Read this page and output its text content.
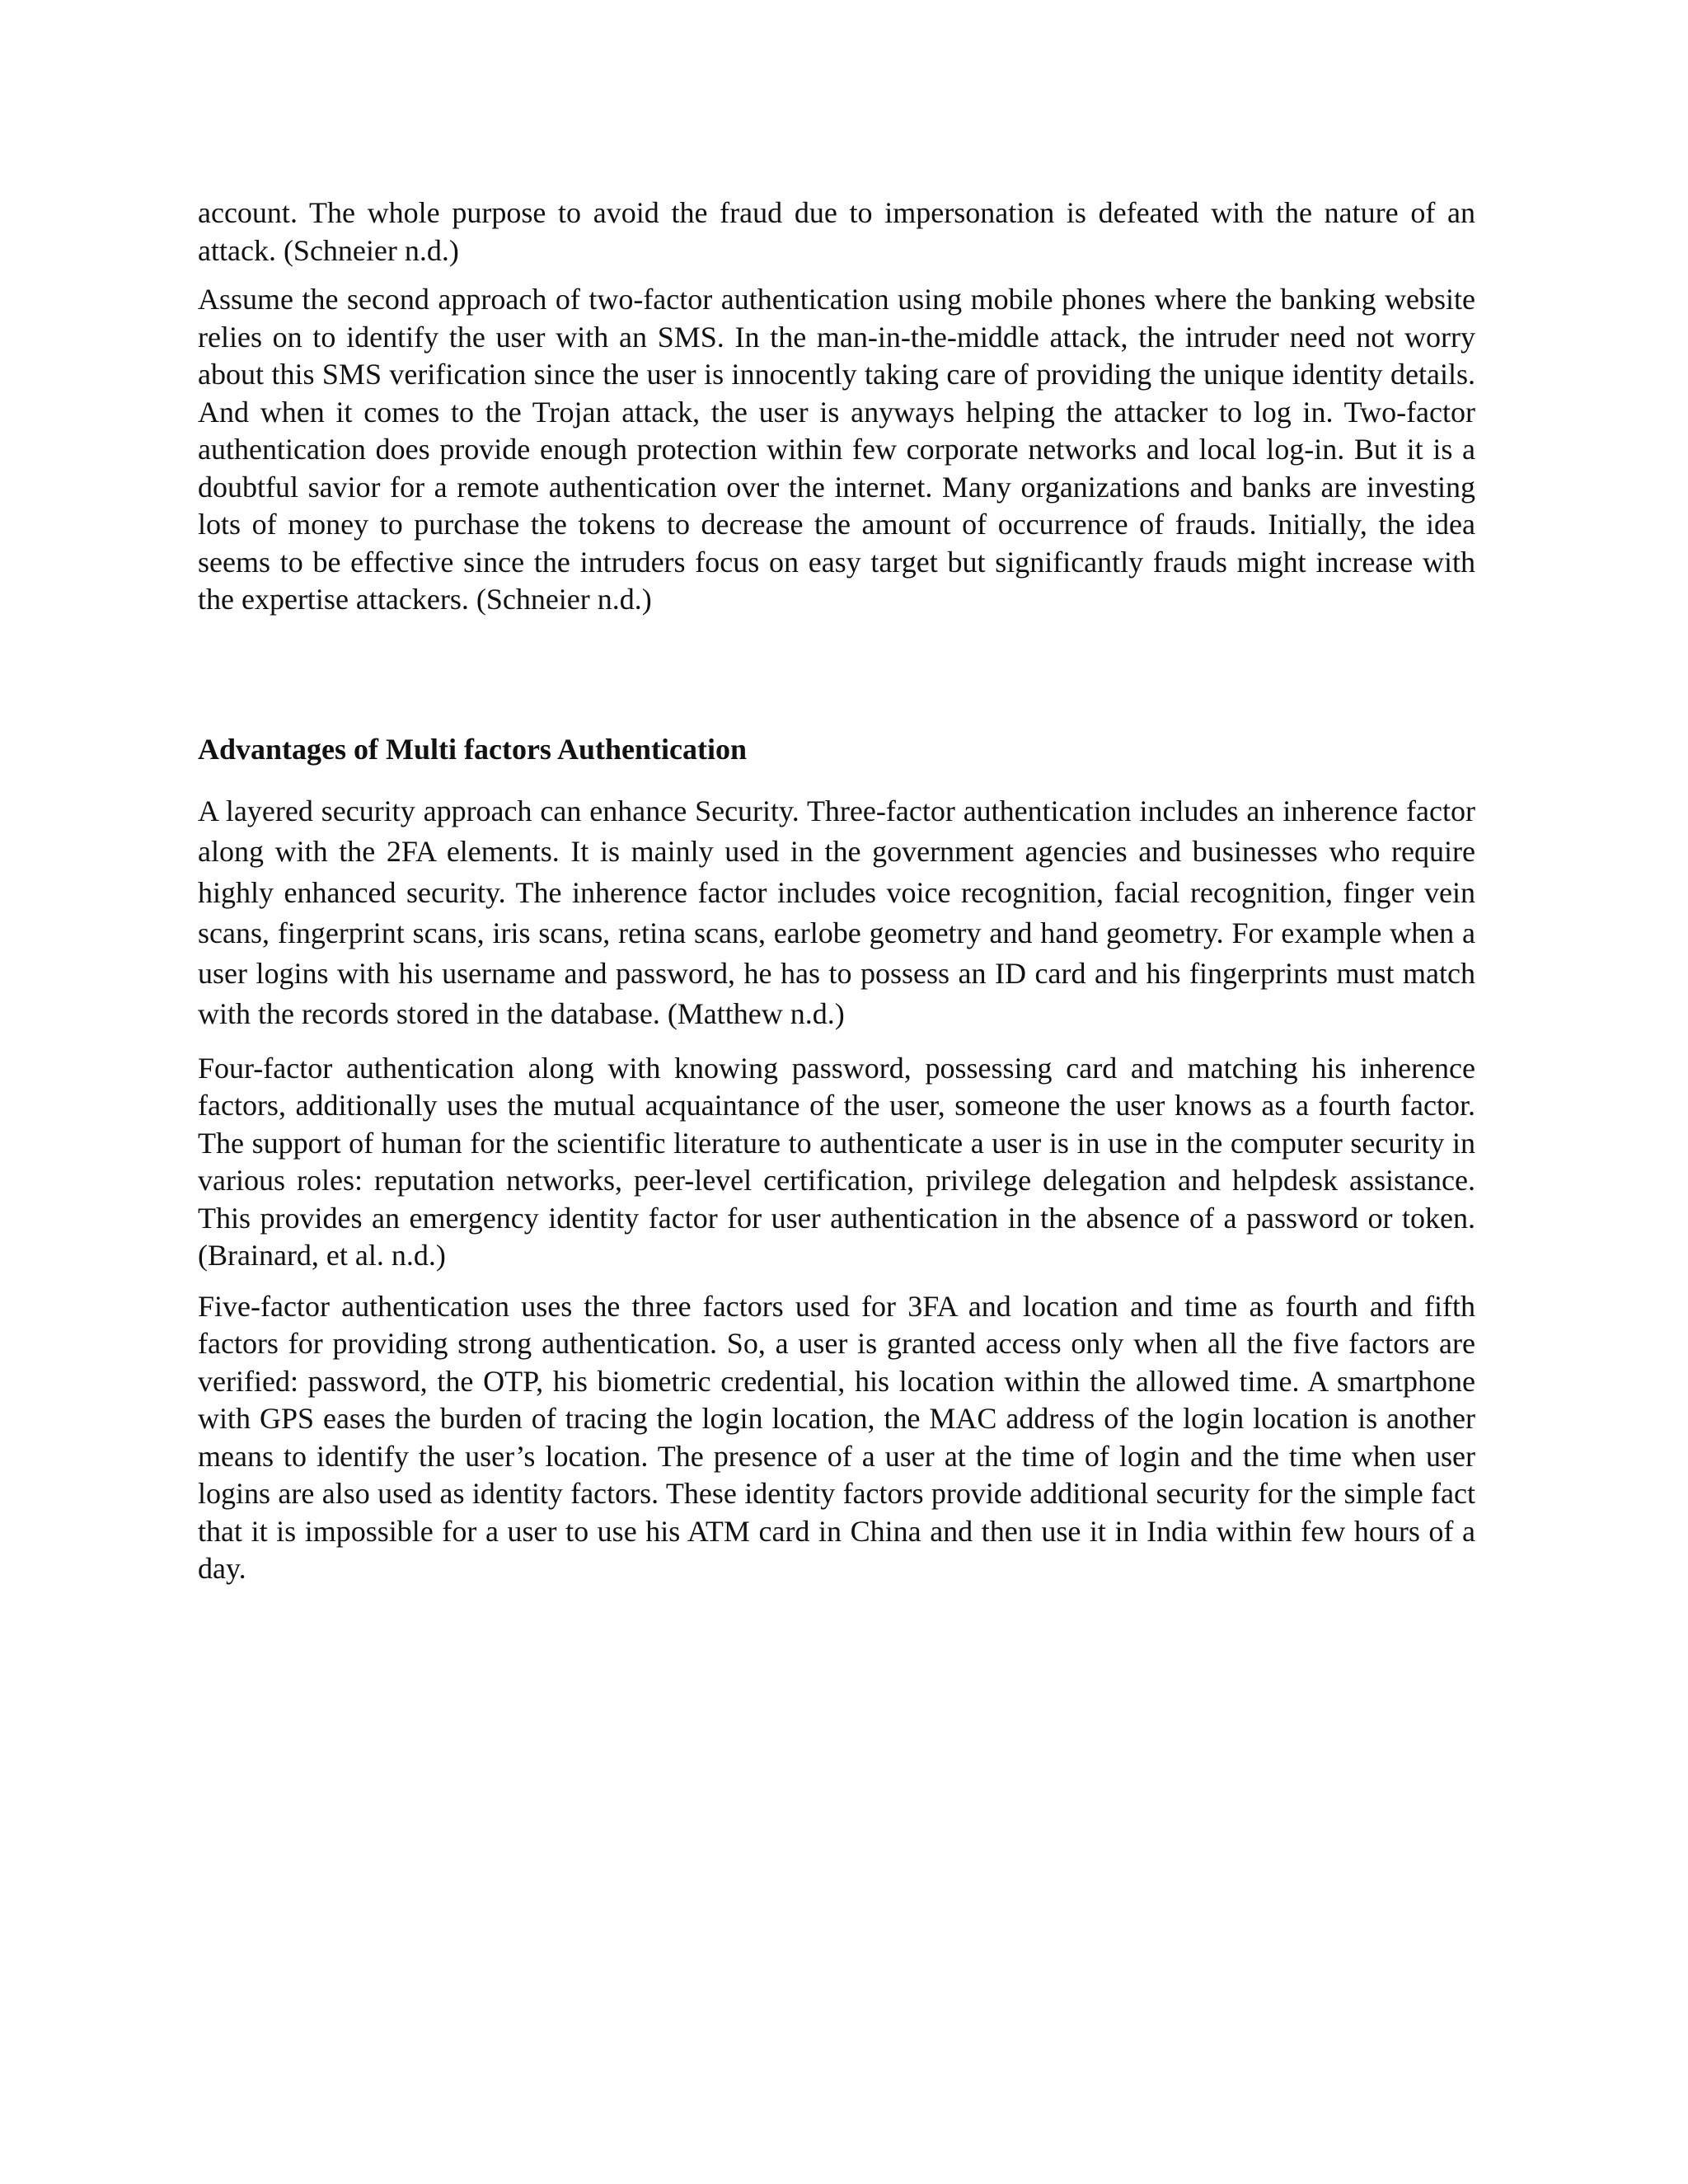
account. The whole purpose to avoid the fraud due to impersonation is defeated with the nature of an attack. (Schneier n.d.)

Assume the second approach of two-factor authentication using mobile phones where the banking website relies on to identify the user with an SMS. In the man-in-the-middle attack, the intruder need not worry about this SMS verification since the user is innocently taking care of providing the unique identity details. And when it comes to the Trojan attack, the user is anyways helping the attacker to log in. Two-factor authentication does provide enough protection within few corporate networks and local log-in. But it is a doubtful savior for a remote authentication over the internet. Many organizations and banks are investing lots of money to purchase the tokens to decrease the amount of occurrence of frauds. Initially, the idea seems to be effective since the intruders focus on easy target but significantly frauds might increase with the expertise attackers. (Schneier n.d.)

Advantages of Multi factors Authentication

A layered security approach can enhance Security. Three-factor authentication includes an inherence factor along with the 2FA elements. It is mainly used in the government agencies and businesses who require highly enhanced security. The inherence factor includes voice recognition, facial recognition, finger vein scans, fingerprint scans, iris scans, retina scans, earlobe geometry and hand geometry. For example when a user logins with his username and password, he has to possess an ID card and his fingerprints must match with the records stored in the database. (Matthew n.d.)

Four-factor authentication along with knowing password, possessing card and matching his inherence factors, additionally uses the mutual acquaintance of the user, someone the user knows as a fourth factor. The support of human for the scientific literature to authenticate a user is in use in the computer security in various roles: reputation networks, peer-level certification, privilege delegation and helpdesk assistance. This provides an emergency identity factor for user authentication in the absence of a password or token. (Brainard, et al. n.d.)

Five-factor authentication uses the three factors used for 3FA and location and time as fourth and fifth factors for providing strong authentication. So, a user is granted access only when all the five factors are verified: password, the OTP, his biometric credential, his location within the allowed time. A smartphone with GPS eases the burden of tracing the login location, the MAC address of the login location is another means to identify the user’s location. The presence of a user at the time of login and the time when user logins are also used as identity factors. These identity factors provide additional security for the simple fact that it is impossible for a user to use his ATM card in China and then use it in India within few hours of a day.
